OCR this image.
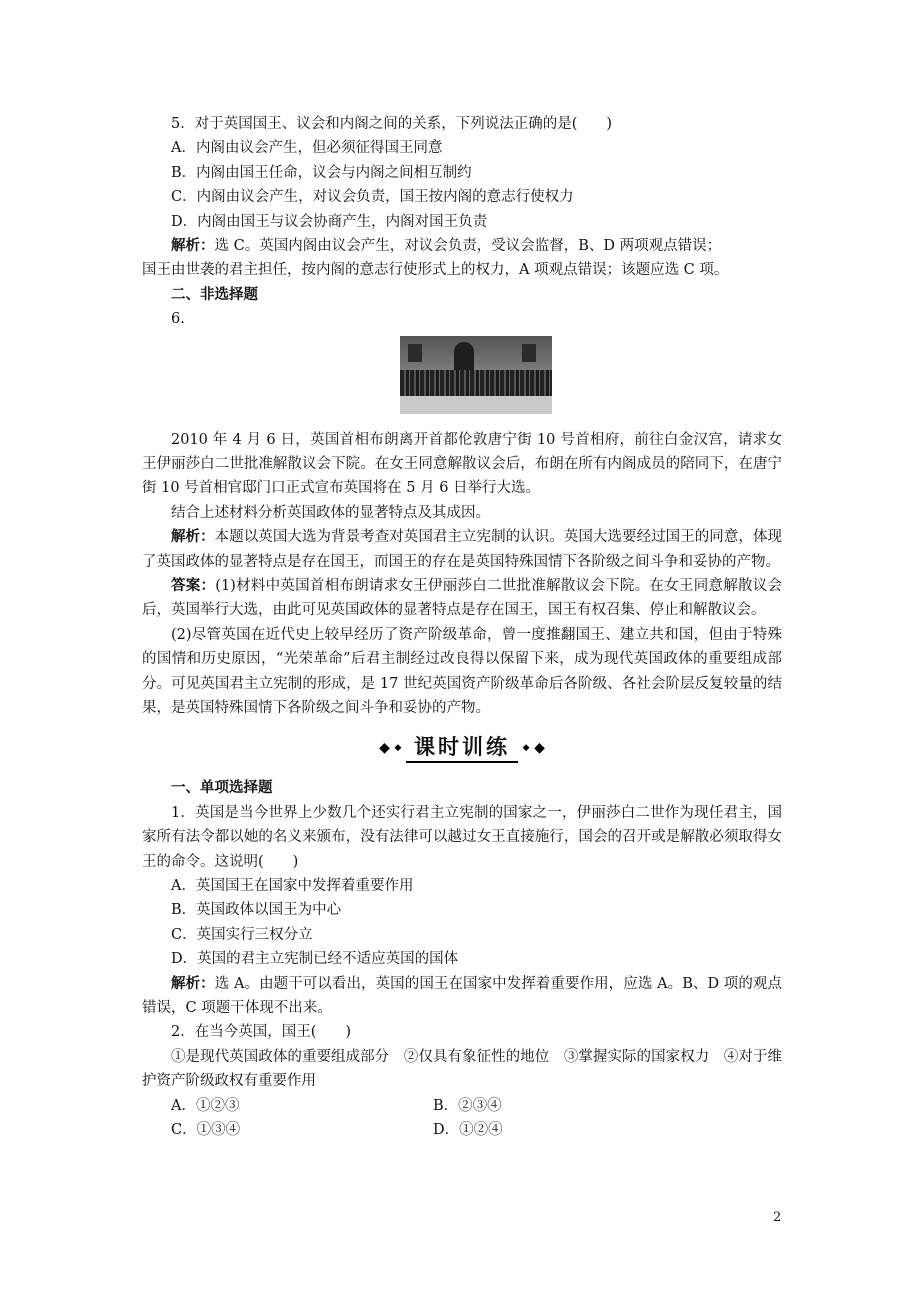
5．对于英国国王、议会和内阁之间的关系，下列说法正确的是(　　)
A．内阁由议会产生，但必须征得国王同意
B．内阁由国王任命，议会与内阁之间相互制约
C．内阁由议会产生，对议会负责，国王按内阁的意志行使权力
D．内阁由国王与议会协商产生，内阁对国王负责
解析：选 C。英国内阁由议会产生，对议会负责，受议会监督，B、D 两项观点错误；
国王由世袭的君主担任，按内阁的意志行使形式上的权力，A 项观点错误；该题应选 C 项。
二、非选择题
6.
2010 年 4 月 6 日，英国首相布朗离开首都伦敦唐宁街 10 号首相府，前往白金汉宫，请求女王伊丽莎白二世批准解散议会下院。在女王同意解散议会后，布朗在所有内阁成员的陪同下，在唐宁街 10 号首相官邸门口正式宣布英国将在 5 月 6 日举行大选。
结合上述材料分析英国政体的显著特点及其成因。
解析：本题以英国大选为背景考查对英国君主立宪制的认识。英国大选要经过国王的同意，体现了英国政体的显著特点是存在国王，而国王的存在是英国特殊国情下各阶级之间斗争和妥协的产物。
答案：(1)材料中英国首相布朗请求女王伊丽莎白二世批准解散议会下院。在女王同意解散议会后，英国举行大选，由此可见英国政体的显著特点是存在国王，国王有权召集、停止和解散议会。
(2)尽管英国在近代史上较早经历了资产阶级革命，曾一度推翻国王、建立共和国，但由于特殊的国情和历史原因，“光荣革命”后君主制经过改良得以保留下来，成为现代英国政体的重要组成部分。可见英国君主立宪制的形成，是 17 世纪英国资产阶级革命后各阶级、各社会阶层反复较量的结果，是英国特殊国情下各阶级之间斗争和妥协的产物。
◆ ◆ 课时训练 ◆ ◆
一、单项选择题
1．英国是当今世界上少数几个还实行君主立宪制的国家之一，伊丽莎白二世作为现任君主，国家所有法令都以她的名义来颁布，没有法律可以越过女王直接施行，国会的召开或是解散必须取得女王的命令。这说明(　　)
A．英国国王在国家中发挥着重要作用
B．英国政体以国王为中心
C．英国实行三权分立
D．英国的君主立宪制已经不适应英国的国体
解析：选 A。由题干可以看出，英国的国王在国家中发挥着重要作用，应选 A。B、D 项的观点错误，C 项题干体现不出来。
2．在当今英国，国王(　　)
①是现代英国政体的重要组成部分　②仅具有象征性的地位　③掌握实际的国家权力　④对于维护资产阶级政权有重要作用
A．①②③	B．②③④
C．①③④	D．①②④
2
